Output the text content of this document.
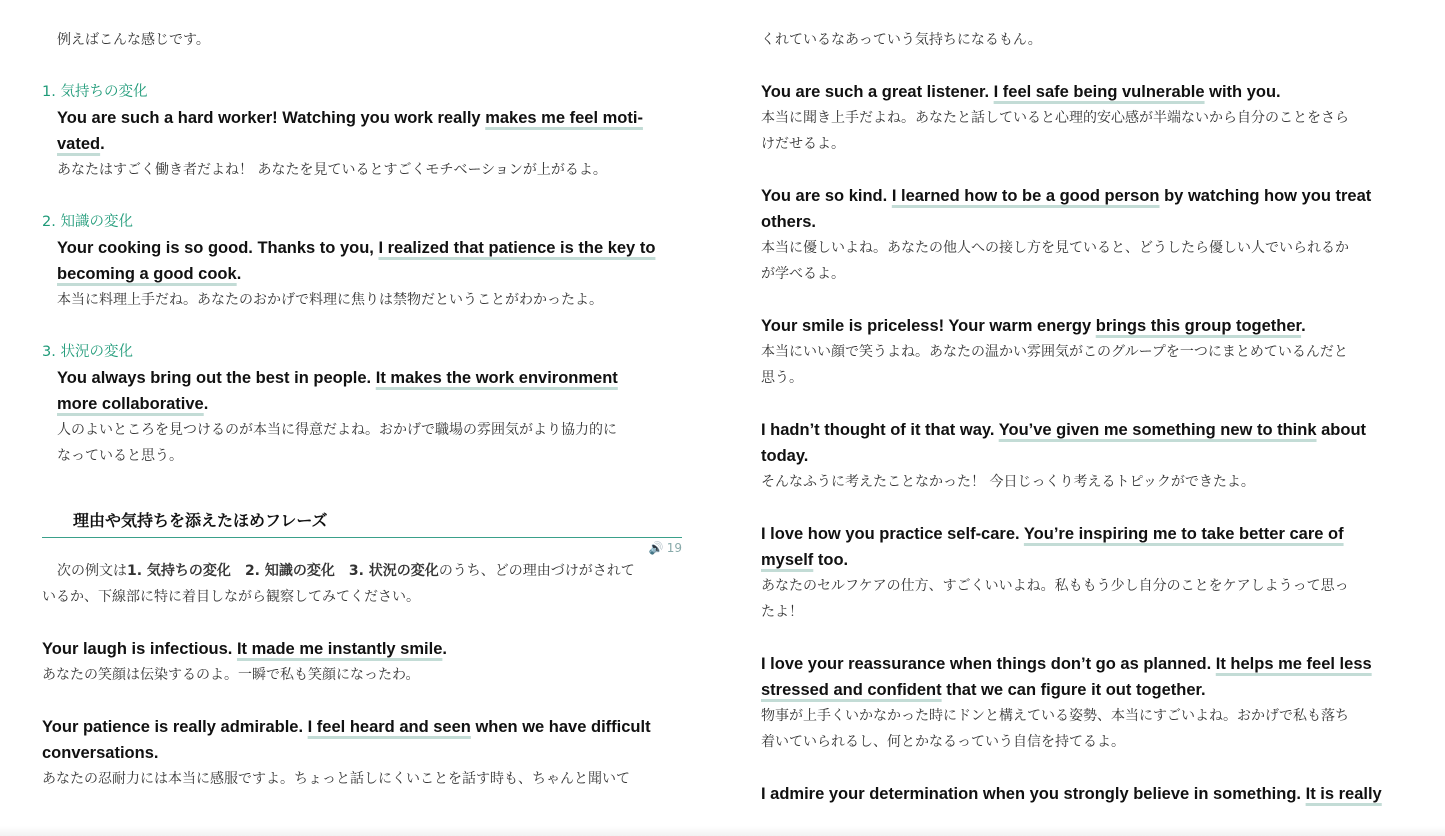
例えばこんな感じです。
1. 気持ちの変化
You are such a hard worker! Watching you work really makes me feel moti-
vated.
あなたはすごく働き者だよね！ あなたを見ているとすごくモチベーションが上がるよ。
2. 知識の変化
Your cooking is so good. Thanks to you, I realized that patience is the key to
becoming a good cook.
本当に料理上手だね。あなたのおかげで料理に焦りは禁物だということがわかったよ。
3. 状況の変化
You always bring out the best in people. It makes the work environment
more collaborative.
人のよいところを見つけるのが本当に得意だよね。おかげで職場の雰囲気がより協力的に
なっていると思う。
理由や気持ちを添えたほめフレーズ
🔊 19
次の例文は1. 気持ちの変化　 2. 知識の変化　 3. 状況の変化のうち、どの理由づけがされて
いるか、下線部に特に着目しながら観察してみてください。
Your laugh is infectious. It made me instantly smile.
あなたの笑顔は伝染するのよ。一瞬で私も笑顔になったわ。
Your patience is really admirable. I feel heard and seen when we have difficult
conversations.
あなたの忍耐力には本当に感服ですよ。ちょっと話しにくいことを話す時も、ちゃんと聞いて
くれているなあっていう気持ちになるもん。
You are such a great listener. I feel safe being vulnerable with you.
本当に聞き上手だよね。あなたと話していると心理的安心感が半端ないから自分のことをさら
けだせるよ。
You are so kind. I learned how to be a good person by watching how you treat
others.
本当に優しいよね。あなたの他人への接し方を見ていると、どうしたら優しい人でいられるか
が学べるよ。
Your smile is priceless! Your warm energy brings this group together.
本当にいい顔で笑うよね。あなたの温かい雰囲気がこのグループを一つにまとめているんだと
思う。
I hadn’t thought of it that way. You’ve given me something new to think about
today.
そんなふうに考えたことなかった！ 今日じっくり考えるトピックができたよ。
I love how you practice self-care. You’re inspiring me to take better care of
myself too.
あなたのセルフケアの仕方、すごくいいよね。私ももう少し自分のことをケアしようって思っ
たよ！
I love your reassurance when things don’t go as planned. It helps me feel less
stressed and confident that we can figure it out together.
物事が上手くいかなかった時にドンと構えている姿勢、本当にすごいよね。おかげで私も落ち
着いていられるし、何とかなるっていう自信を持てるよ。
I admire your determination when you strongly believe in something. It is really
